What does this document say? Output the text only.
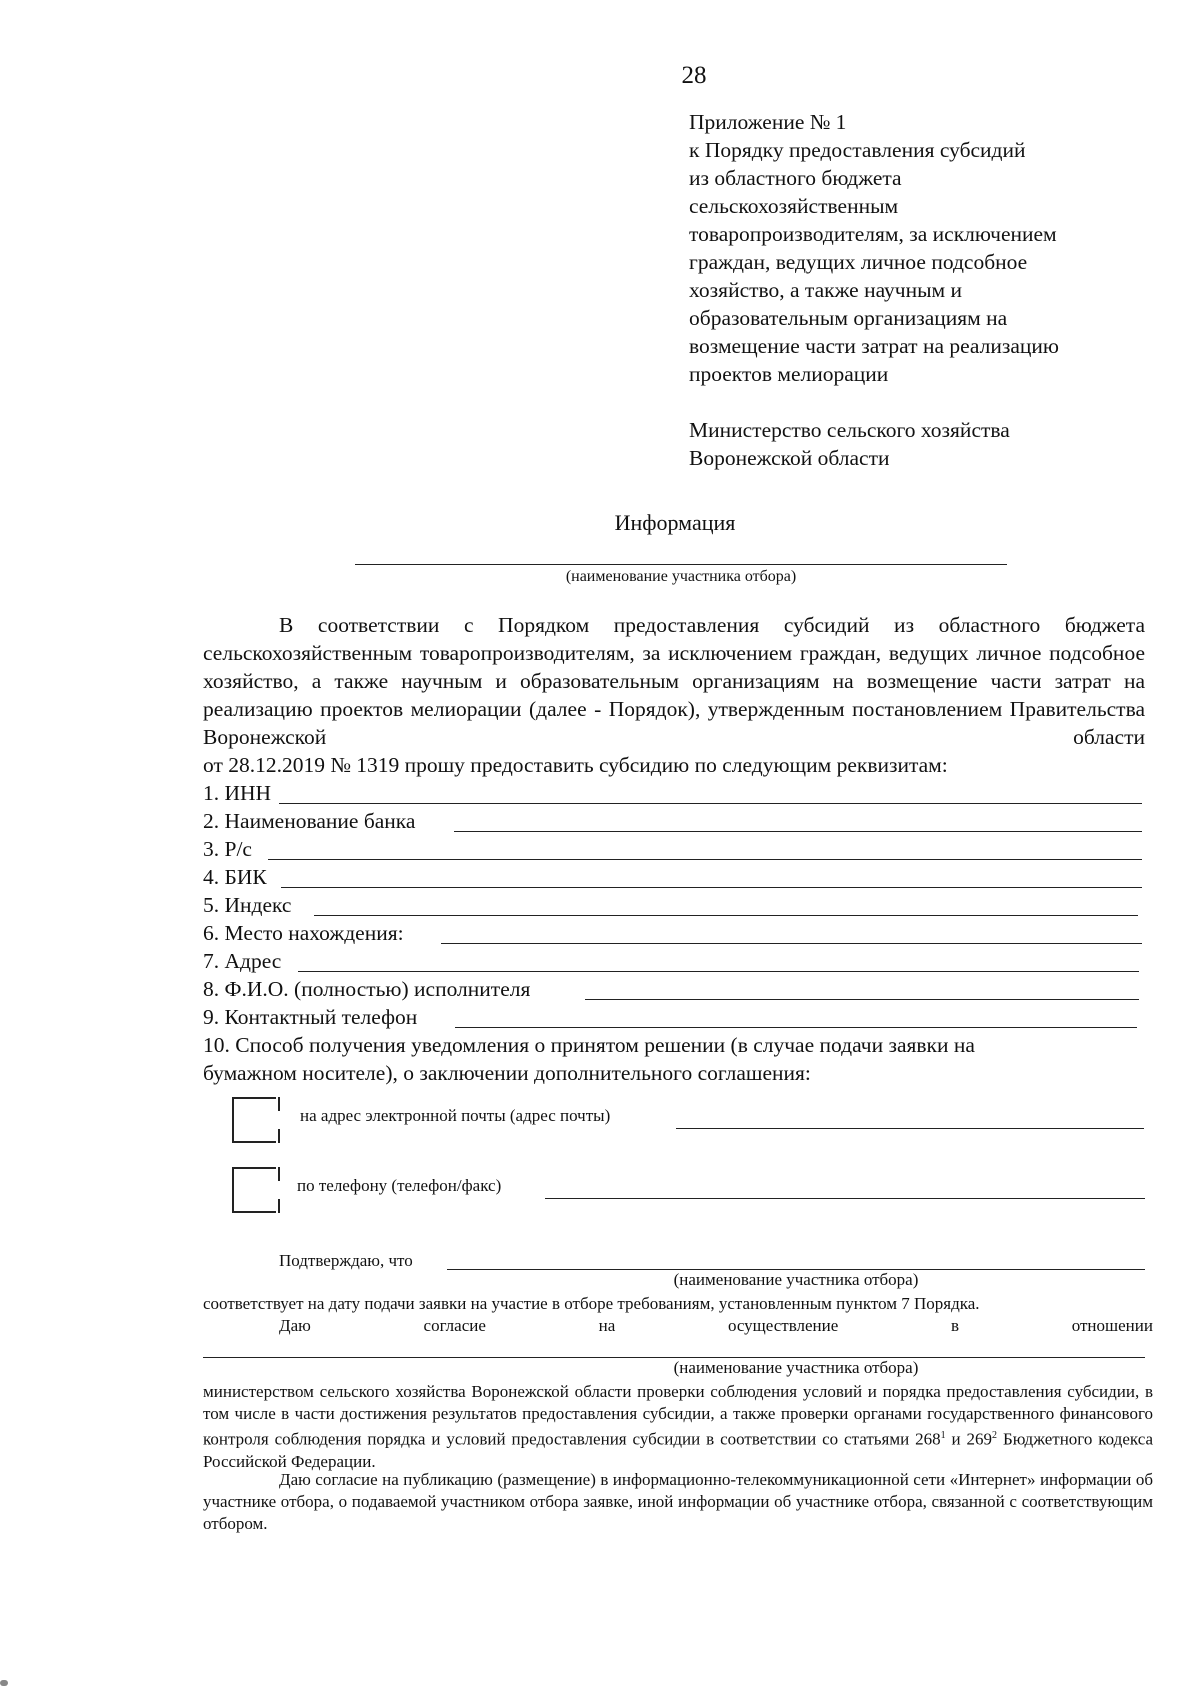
28
Приложение № 1
к Порядку предоставления субсидий
из областного бюджета
сельскохозяйственным
товаропроизводителям, за исключением
граждан, ведущих личное подсобное
хозяйство, а также научным и
образовательным организациям на
возмещение части затрат на реализацию
проектов мелиорации
Министерство сельского хозяйства
Воронежской области
Информация
(наименование участника отбора)
В соответствии с Порядком предоставления субсидий из областного бюджета сельскохозяйственным товаропроизводителям, за исключением граждан, ведущих личное подсобное хозяйство, а также научным и образовательным организациям на возмещение части затрат на реализацию проектов мелиорации (далее - Порядок), утвержденным постановлением Правительства Воронежской области
от 28.12.2019 № 1319 прошу предоставить субсидию по следующим реквизитам:
1. ИНН
2. Наименование банка
3. Р/с
4. БИК
5. Индекс
6. Место нахождения:
7. Адрес
8. Ф.И.О. (полностью) исполнителя
9. Контактный телефон
10. Способ получения уведомления о принятом решении (в случае подачи заявки на
бумажном носителе), о заключении дополнительного соглашения:
на адрес электронной почты (адрес почты)
по телефону (телефон/факс)
Подтверждаю, что
(наименование участника отбора)
соответствует на дату подачи заявки на участие в отборе требованиям, установленным пунктом 7 Порядка.
Даю	согласие	на	осуществление	в	отношении
(наименование участника отбора)
министерством сельского хозяйства Воронежской области проверки соблюдения условий и порядка предоставления субсидии, в том числе в части достижения результатов предоставления субсидии, а также проверки органами государственного финансового контроля соблюдения порядка и условий предоставления субсидии в соответствии со статьями $268^1$ и $269^2$ Бюджетного кодекса Российской Федерации.
Даю согласие на публикацию (размещение) в информационно-телекоммуникационной сети «Интернет» информации об участнике отбора, о подаваемой участником отбора заявке, иной информации об участнике отбора, связанной с соответствующим отбором.
